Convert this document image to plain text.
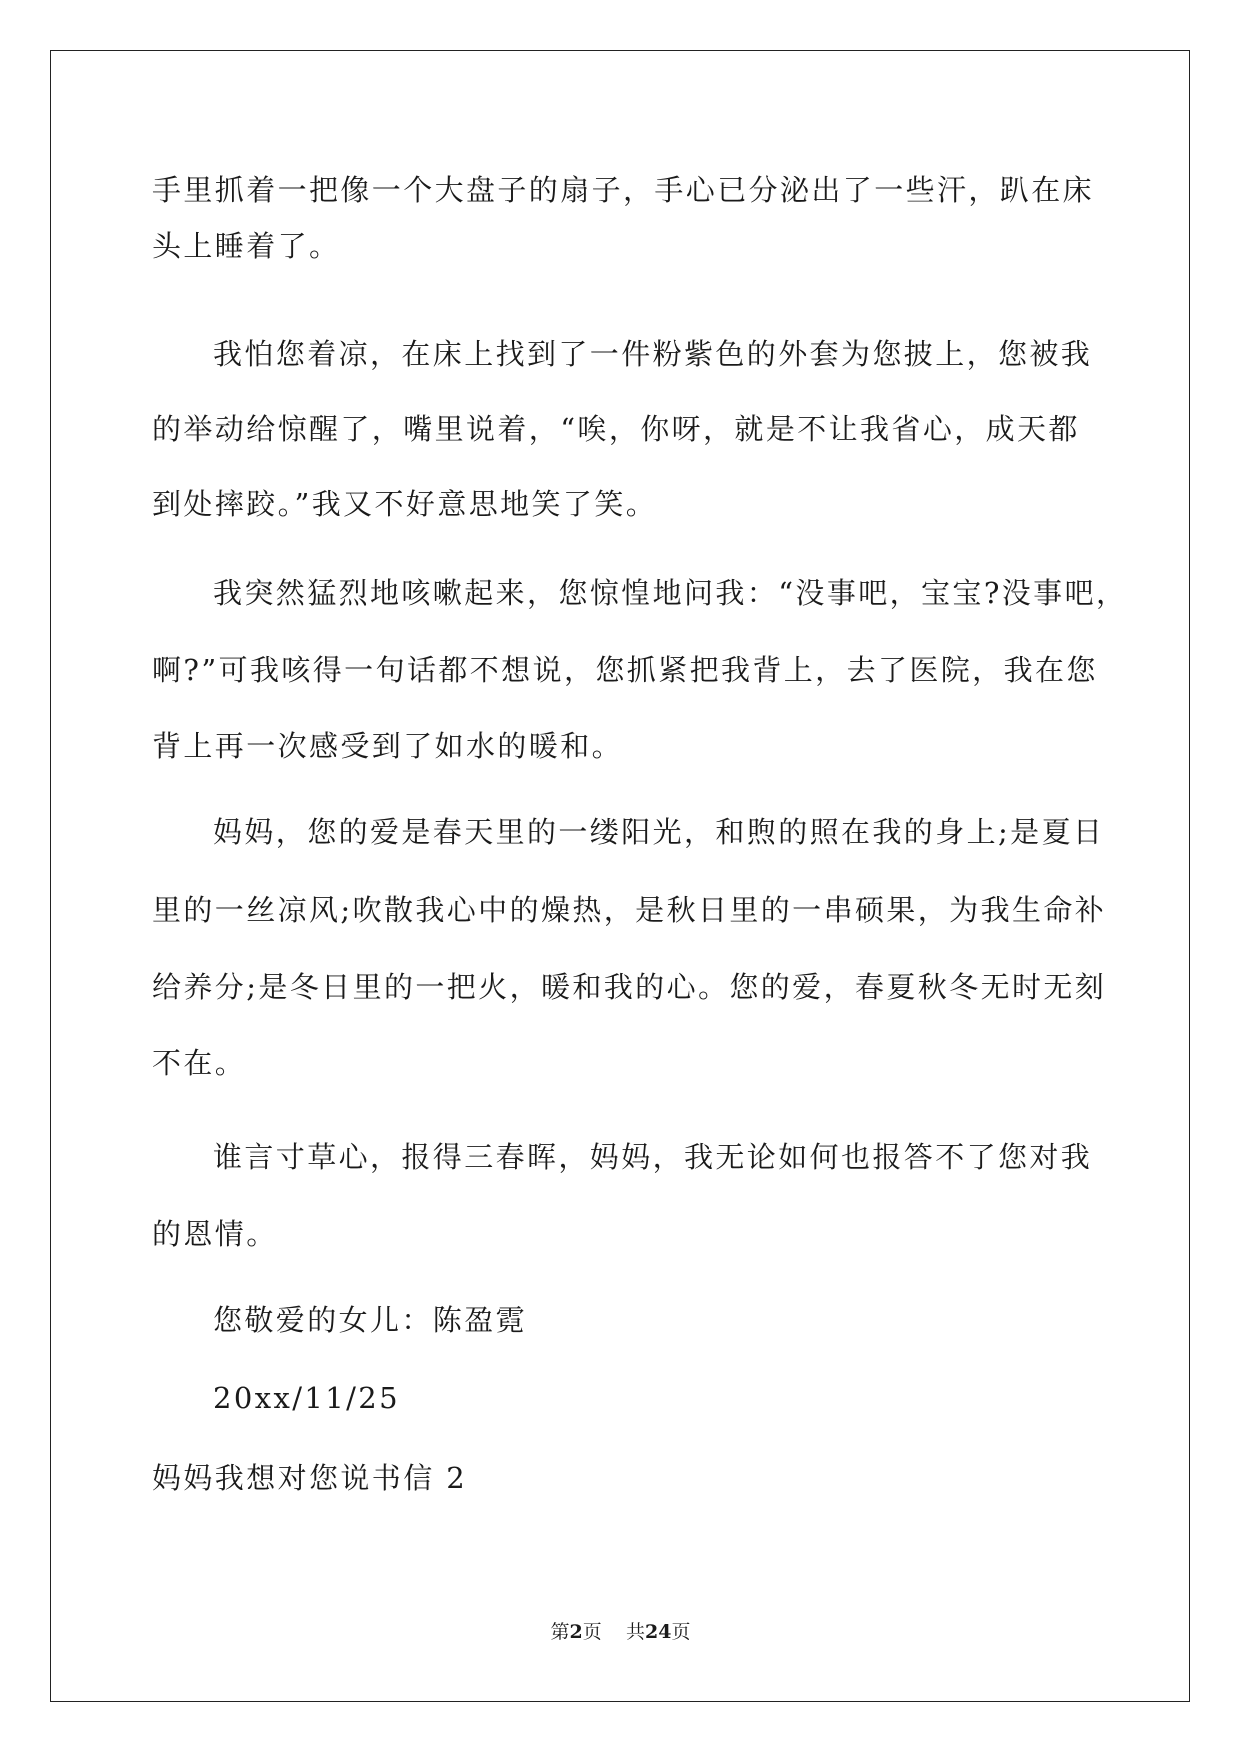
手里抓着一把像一个大盘子的扇子，手心已分泌出了一些汗，趴在床
头上睡着了。
我怕您着凉，在床上找到了一件粉紫色的外套为您披上，您被我
的举动给惊醒了，嘴里说着，“唉，你呀，就是不让我省心，成天都
到处摔跤。”我又不好意思地笑了笑。
我突然猛烈地咳嗽起来，您惊惶地问我：“没事吧，宝宝?没事吧，
啊?”可我咳得一句话都不想说，您抓紧把我背上，去了医院，我在您
背上再一次感受到了如水的暖和。
妈妈，您的爱是春天里的一缕阳光，和煦的照在我的身上;是夏日
里的一丝凉风;吹散我心中的燥热，是秋日里的一串硕果，为我生命补
给养分;是冬日里的一把火，暖和我的心。您的爱，春夏秋冬无时无刻
不在。
谁言寸草心，报得三春晖，妈妈，我无论如何也报答不了您对我
的恩情。
您敬爱的女儿：陈盈霓
20xx/11/25
妈妈我想对您说书信 2
第2页 共24页
